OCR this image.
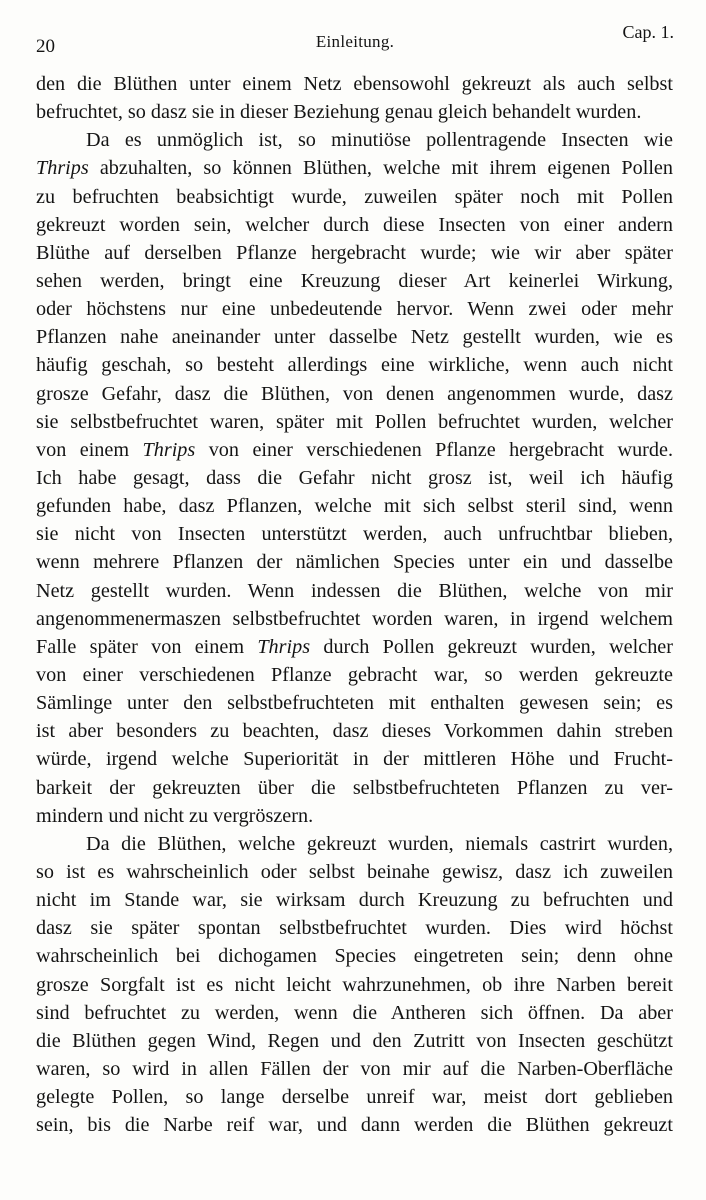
20	Einleitung.	Cap. 1.
den die Blüthen unter einem Netz ebensowohl gekreuzt als auch selbst
befruchtet, so dasz sie in dieser Beziehung genau gleich behandelt wurden.
Da es unmöglich ist, so minutiöse pollentragende Insecten wie
Thrips abzuhalten, so können Blüthen, welche mit ihrem eigenen Pollen
zu befruchten beabsichtigt wurde, zuweilen später noch mit Pollen
gekreuzt worden sein, welcher durch diese Insecten von einer andern
Blüthe auf derselben Pflanze hergebracht wurde; wie wir aber später
sehen werden, bringt eine Kreuzung dieser Art keinerlei Wirkung,
oder höchstens nur eine unbedeutende hervor. Wenn zwei oder mehr
Pflanzen nahe aneinander unter dasselbe Netz gestellt wurden, wie es
häufig geschah, so besteht allerdings eine wirkliche, wenn auch nicht
grosze Gefahr, dasz die Blüthen, von denen angenommen wurde, dasz
sie selbstbefruchtet waren, später mit Pollen befruchtet wurden, welcher
von einem Thrips von einer verschiedenen Pflanze hergebracht wurde.
Ich habe gesagt, dass die Gefahr nicht grosz ist, weil ich häufig
gefunden habe, dasz Pflanzen, welche mit sich selbst steril sind, wenn
sie nicht von Insecten unterstützt werden, auch unfruchtbar blieben,
wenn mehrere Pflanzen der nämlichen Species unter ein und dasselbe
Netz gestellt wurden. Wenn indessen die Blüthen, welche von mir
angenommenermaszen selbstbefruchtet worden waren, in irgend welchem
Falle später von einem Thrips durch Pollen gekreuzt wurden, welcher
von einer verschiedenen Pflanze gebracht war, so werden gekreuzte
Sämlinge unter den selbstbefruchteten mit enthalten gewesen sein; es
ist aber besonders zu beachten, dasz dieses Vorkommen dahin streben
würde, irgend welche Superiorität in der mittleren Höhe und Frucht-
barkeit der gekreuzten über die selbstbefruchteten Pflanzen zu ver-
mindern und nicht zu vergröszern.
Da die Blüthen, welche gekreuzt wurden, niemals castrirt wurden,
so ist es wahrscheinlich oder selbst beinahe gewisz, dasz ich zuweilen
nicht im Stande war, sie wirksam durch Kreuzung zu befruchten und
dasz sie später spontan selbstbefruchtet wurden. Dies wird höchst
wahrscheinlich bei dichogamen Species eingetreten sein; denn ohne
grosze Sorgfalt ist es nicht leicht wahrzunehmen, ob ihre Narben bereit
sind befruchtet zu werden, wenn die Antheren sich öffnen. Da aber
die Blüthen gegen Wind, Regen und den Zutritt von Insecten geschützt
waren, so wird in allen Fällen der von mir auf die Narben-Oberfläche
gelegte Pollen, so lange derselbe unreif war, meist dort geblieben
sein, bis die Narbe reif war, und dann werden die Blüthen gekreuzt
